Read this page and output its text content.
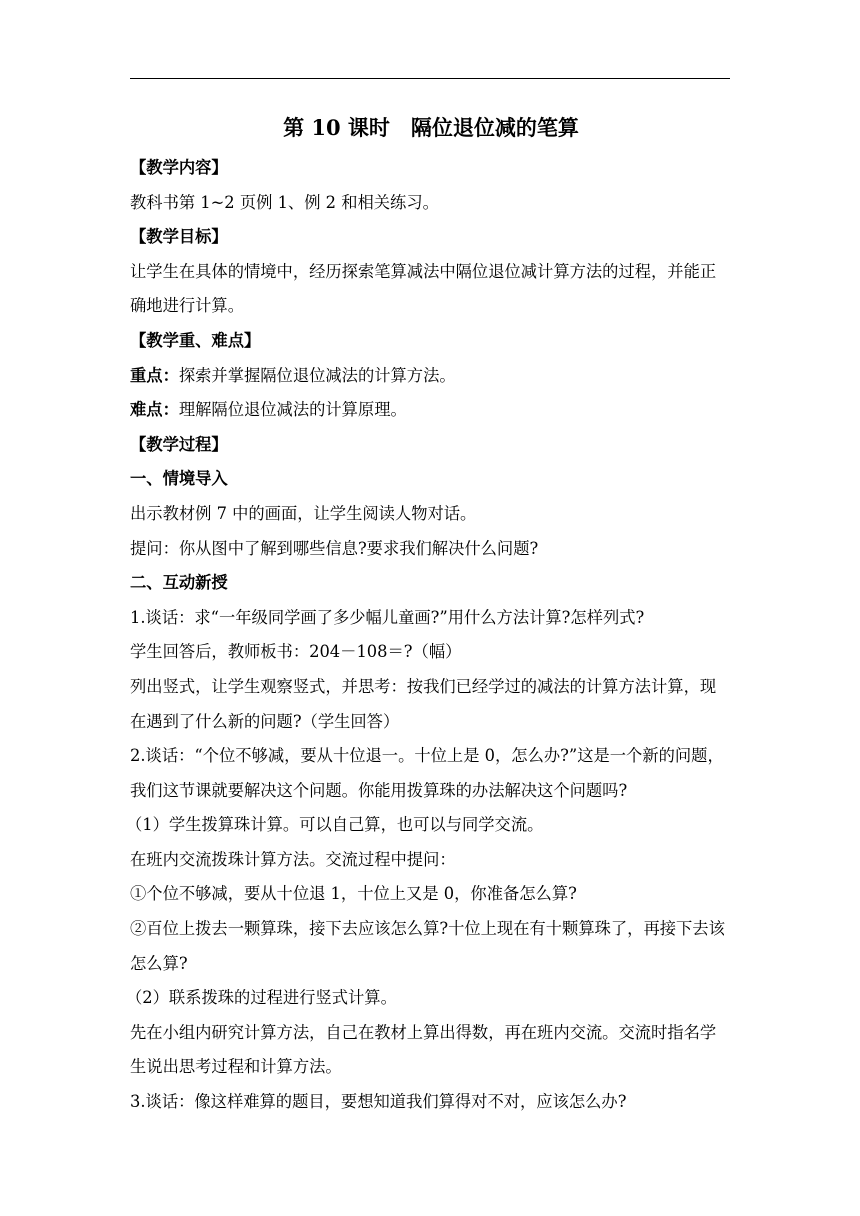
第 10 课时　隔位退位减的笔算

【教学内容】

教科书第 1~2 页例 1、例 2 和相关练习。

【教学目标】

让学生在具体的情境中，经历探索笔算减法中隔位退位减计算方法的过程，并能正确地进行计算。

【教学重、难点】

重点：探索并掌握隔位退位减法的计算方法。

难点：理解隔位退位减法的计算原理。

【教学过程】

一、情境导入

出示教材例 7 中的画面，让学生阅读人物对话。

提问：你从图中了解到哪些信息?要求我们解决什么问题?

二、互动新授

1.谈话：求“一年级同学画了多少幅儿童画?”用什么方法计算?怎样列式?

学生回答后，教师板书：204－108＝?（幅）

列出竖式，让学生观察竖式，并思考：按我们已经学过的减法的计算方法计算，现在遇到了什么新的问题?（学生回答）

2.谈话：“个位不够减，要从十位退一。十位上是 0，怎么办?”这是一个新的问题，我们这节课就要解决这个问题。你能用拨算珠的办法解决这个问题吗?

（1）学生拨算珠计算。可以自己算，也可以与同学交流。

在班内交流拨珠计算方法。交流过程中提问：

①个位不够减，要从十位退 1，十位上又是 0，你准备怎么算?

②百位上拨去一颗算珠，接下去应该怎么算?十位上现在有十颗算珠了，再接下去该怎么算?

（2）联系拨珠的过程进行竖式计算。

先在小组内研究计算方法，自己在教材上算出得数，再在班内交流。交流时指名学生说出思考过程和计算方法。

3.谈话：像这样难算的题目，要想知道我们算得对不对，应该怎么办?
